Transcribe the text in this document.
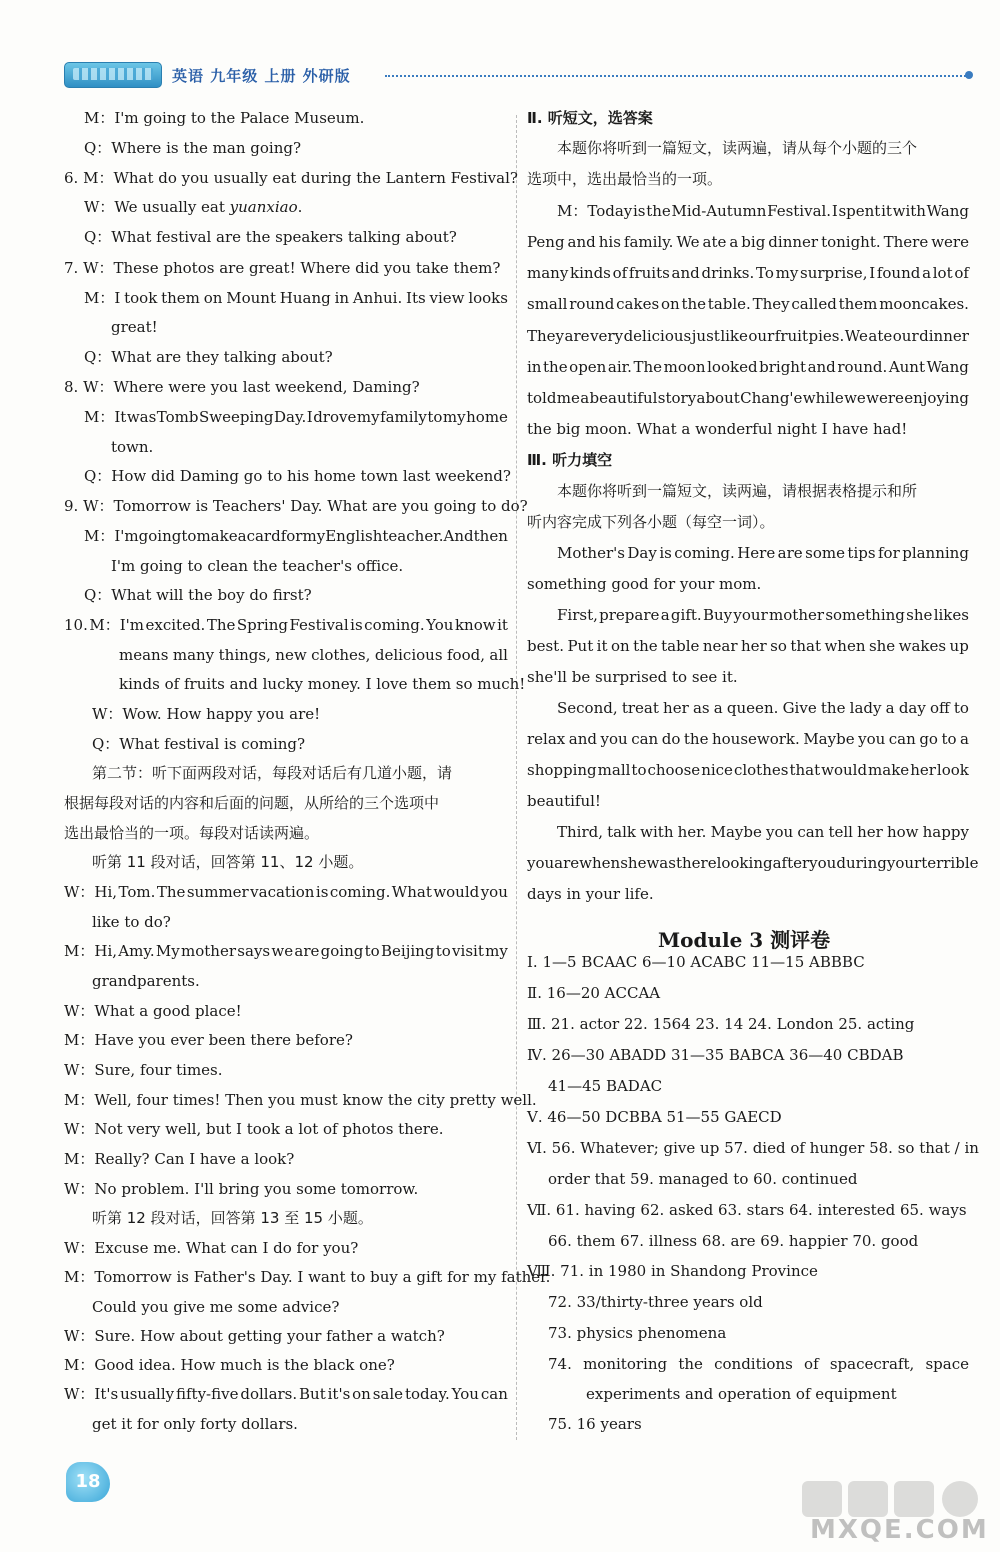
英语 九年级 上册 外研版
M：I'm going to the Palace Museum.
Q：Where is the man going?
6. M：What do you usually eat during the Lantern Festival?
W：We usually eat yuanxiao.
Q：What festival are the speakers talking about?
7. W：These photos are great! Where did you take them?
M：I took them on Mount Huang in Anhui. Its view looks
great!
Q：What are they talking about?
8. W：Where were you last weekend, Daming?
M：It was Tomb Sweeping Day. I drove my family to my home
town.
Q：How did Daming go to his home town last weekend?
9. W：Tomorrow is Teachers' Day. What are you going to do?
M：I'm going to make a card for my English teacher. And then
I'm going to clean the teacher's office.
Q：What will the boy do first?
10. M：I'm excited. The Spring Festival is coming. You know it
means many things, new clothes, delicious food, all
kinds of fruits and lucky money. I love them so much!
W：Wow. How happy you are!
Q：What festival is coming?
第二节：听下面两段对话，每段对话后有几道小题，请
根据每段对话的内容和后面的问题，从所给的三个选项中
选出最恰当的一项。每段对话读两遍。
听第 11 段对话，回答第 11、12 小题。
W：Hi, Tom. The summer vacation is coming. What would you
like to do?
M：Hi, Amy. My mother says we are going to Beijing to visit my
grandparents.
W：What a good place!
M：Have you ever been there before?
W：Sure, four times.
M：Well, four times! Then you must know the city pretty well.
W：Not very well, but I took a lot of photos there.
M：Really? Can I have a look?
W：No problem. I'll bring you some tomorrow.
听第 12 段对话，回答第 13 至 15 小题。
W：Excuse me. What can I do for you?
M：Tomorrow is Father's Day. I want to buy a gift for my father.
Could you give me some advice?
W：Sure. How about getting your father a watch?
M：Good idea. How much is the black one?
W：It's usually fifty-five dollars. But it's on sale today. You can
get it for only forty dollars.
Ⅱ. 听短文，选答案
本题你将听到一篇短文，读两遍，请从每个小题的三个
选项中，选出最恰当的一项。
M：Today is the Mid-Autumn Festival. I spent it with Wang
Peng and his family. We ate a big dinner tonight. There were
many kinds of fruits and drinks. To my surprise, I found a lot of
small round cakes on the table. They called them mooncakes.
They are very delicious just like our fruit pies. We ate our dinner
in the open air. The moon looked bright and round. Aunt Wang
told me a beautiful story about Chang'e while we were enjoying
the big moon. What a wonderful night I have had!
Ⅲ. 听力填空
本题你将听到一篇短文，读两遍，请根据表格提示和所
听内容完成下列各小题（每空一词）。
Mother's Day is coming. Here are some tips for planning
something good for your mom.
First, prepare a gift. Buy your mother something she likes
best. Put it on the table near her so that when she wakes up
she'll be surprised to see it.
Second, treat her as a queen. Give the lady a day off to
relax and you can do the housework. Maybe you can go to a
shopping mall to choose nice clothes that would make her look
beautiful!
Third, talk with her. Maybe you can tell her how happy
you are when she was there looking after you during your terrible
days in your life.
Ⅰ. 1—5 BCAAC 6—10 ACABC 11—15 ABBBC
Ⅱ. 16—20 ACCAA
Ⅲ. 21. actor 22. 1564 23. 14 24. London 25. acting
Ⅳ. 26—30 ABADD 31—35 BABCA 36—40 CBDAB
41—45 BADAC
Ⅴ. 46—50 DCBBA 51—55 GAECD
Ⅵ. 56. Whatever; give up 57. died of hunger 58. so that / in
order that 59. managed to 60. continued
Ⅶ. 61. having 62. asked 63. stars 64. interested 65. ways
66. them 67. illness 68. are 69. happier 70. good
Ⅷ. 71. in 1980 in Shandong Province
72. 33/thirty-three years old
73. physics phenomena
74. monitoring the conditions of spacecraft, space
experiments and operation of equipment
75. 16 years
Module 3 测评卷
18
MXQE.COM
